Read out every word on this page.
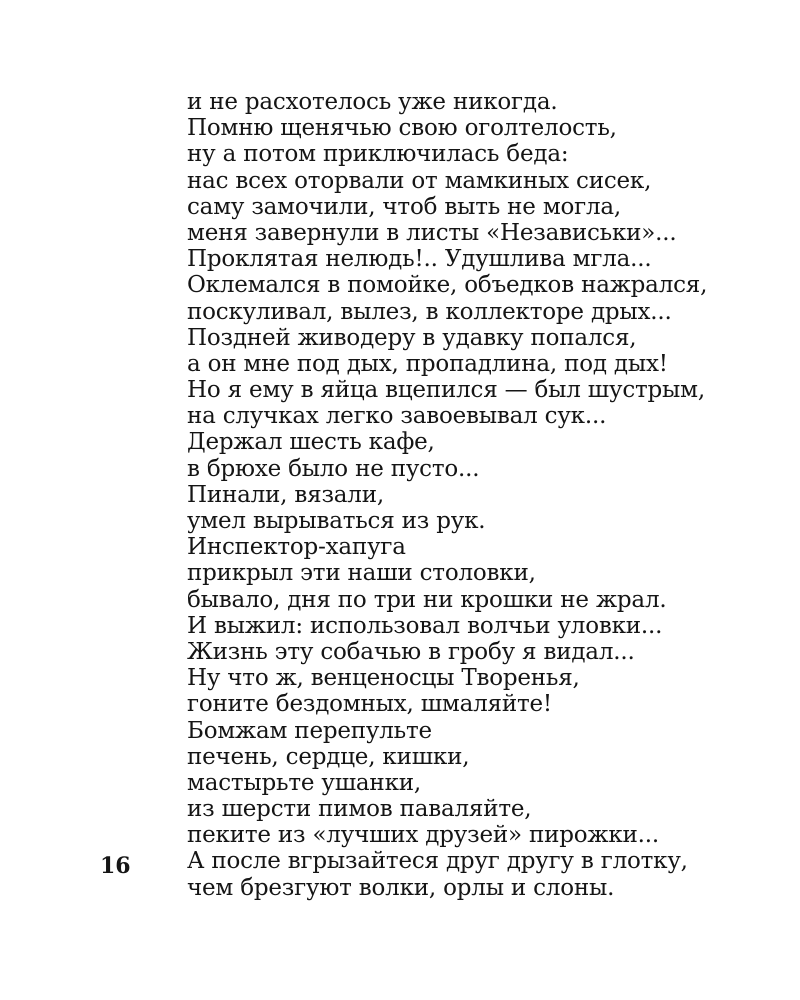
и не расхотелось уже никогда.
Помню щенячью свою оголтелость,
ну а потом приключилась беда:
нас всех оторвали от мамкиных сисек,
саму замочили, чтоб выть не могла,
меня завернули в листы «Независьки»...
Проклятая нелюдь!.. Удушлива мгла...
Оклемался в помойке, объедков нажрался,
поскуливал, вылез, в коллекторе дрых...
Поздней живодеру в удавку попался,
а он мне под дых, пропадлина, под дых!
Но я ему в яйца вцепился — был шустрым,
на случках легко завоевывал сук...
Держал шесть кафе,
в брюхе было не пусто...
Пинали, вязали,
умел вырываться из рук.
Инспектор-хапуга
прикрыл эти наши столовки,
бывало, дня по три ни крошки не жрал.
И выжил: использовал волчьи уловки...
Жизнь эту собачью в гробу я видал...
Ну что ж, венценосцы Творенья,
гоните бездомных, шмаляйте!
Бомжам перепульте
печень, сердце, кишки,
мастырьте ушанки,
из шерсти пимов паваляйте,
пеките из «лучших друзей» пирожки...
А после вгрызайтеся друг другу в глотку,
чем брезгуют волки, орлы и слоны.
16
